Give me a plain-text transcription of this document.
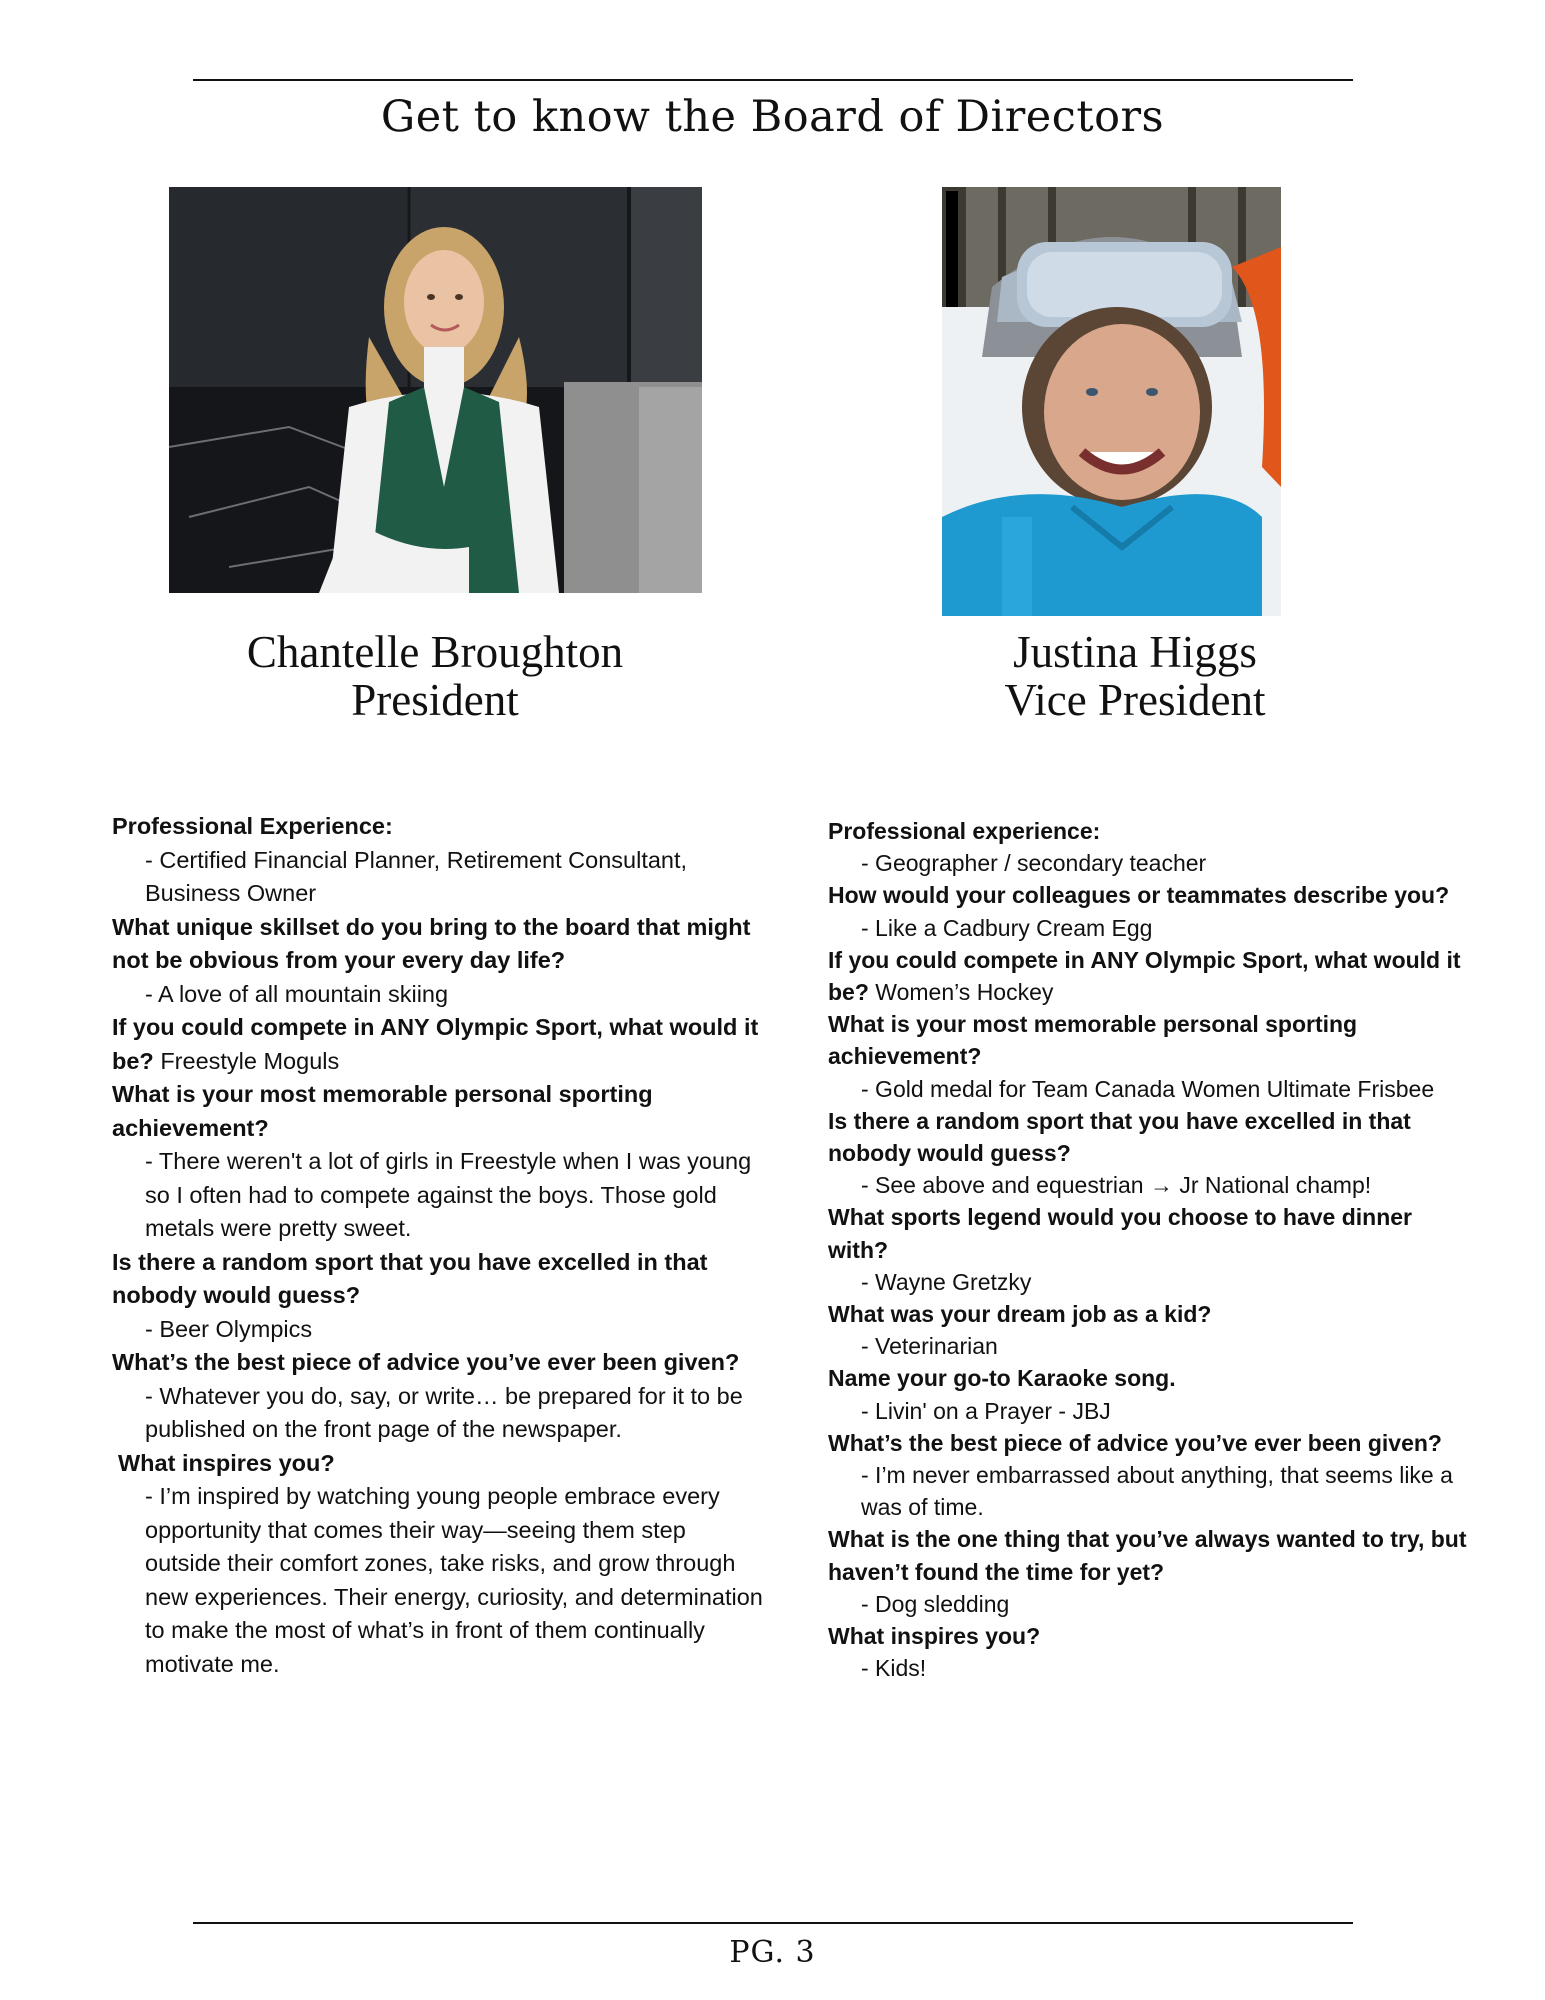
Get to know the Board of Directors
Chantelle Broughton
President
Justina Higgs
Vice President
Professional Experience:
- Certified Financial Planner, Retirement Consultant, Business Owner
What unique skillset do you bring to the board that might not be obvious from your every day life?
- A love of all mountain skiing
If you could compete in ANY Olympic Sport, what would it be? Freestyle Moguls
What is your most memorable personal sporting achievement?
- There weren't a lot of girls in Freestyle when I was young so I often had to compete against the boys. Those gold metals were pretty sweet.
Is there a random sport that you have excelled in that nobody would guess?
- Beer Olympics
What’s the best piece of advice you’ve ever been given?
- Whatever you do, say, or write… be prepared for it to be published on the front page of the newspaper.
What inspires you?
- I’m inspired by watching young people embrace every opportunity that comes their way—seeing them step outside their comfort zones, take risks, and grow through new experiences. Their energy, curiosity, and determination to make the most of what’s in front of them continually motivate me.
Professional experience:
- Geographer / secondary teacher
How would your colleagues or teammates describe you?
- Like a Cadbury Cream Egg
If you could compete in ANY Olympic Sport, what would it be? Women’s Hockey
What is your most memorable personal sporting achievement?
- Gold medal for Team Canada Women Ultimate Frisbee
Is there a random sport that you have excelled in that nobody would guess?
- See above and equestrian → Jr National champ!
What sports legend would you choose to have dinner with?
- Wayne Gretzky
What was your dream job as a kid?
- Veterinarian
Name your go-to Karaoke song.
- Livin' on a Prayer - JBJ
What’s the best piece of advice you’ve ever been given?
- I’m never embarrassed about anything, that seems like a was of time.
What is the one thing that you’ve always wanted to try, but haven’t found the time for yet?
- Dog sledding
What inspires you?
- Kids!
PG. 3
